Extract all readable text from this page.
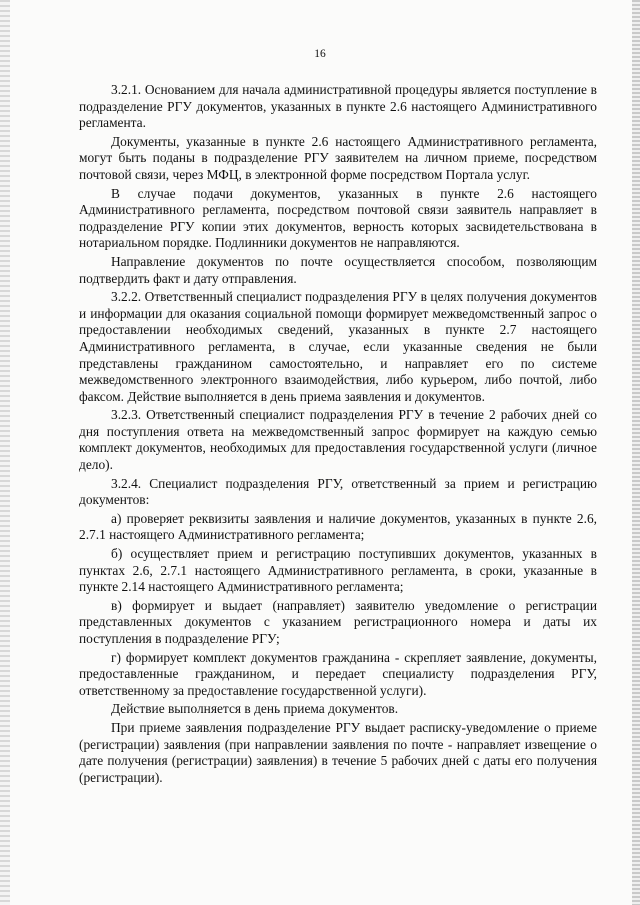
16

3.2.1. Основанием для начала административной процедуры является поступление в подразделение РГУ документов, указанных в пункте 2.6 настоящего Административного регламента.

Документы, указанные в пункте 2.6 настоящего Административного регламента, могут быть поданы в подразделение РГУ заявителем на личном приеме, посредством почтовой связи, через МФЦ, в электронной форме посредством Портала услуг.

В случае подачи документов, указанных в пункте 2.6 настоящего Административного регламента, посредством почтовой связи заявитель направляет в подразделение РГУ копии этих документов, верность которых засвидетельствована в нотариальном порядке. Подлинники документов не направляются.

Направление документов по почте осуществляется способом, позволяющим подтвердить факт и дату отправления.

3.2.2. Ответственный специалист подразделения РГУ в целях получения документов и информации для оказания социальной помощи формирует межведомственный запрос о предоставлении необходимых сведений, указанных в пункте 2.7 настоящего Административного регламента, в случае, если указанные сведения не были представлены гражданином самостоятельно, и направляет его по системе межведомственного электронного взаимодействия, либо курьером, либо почтой, либо факсом. Действие выполняется в день приема заявления и документов.

3.2.3. Ответственный специалист подразделения РГУ в течение 2 рабочих дней со дня поступления ответа на межведомственный запрос формирует на каждую семью комплект документов, необходимых для предоставления государственной услуги (личное дело).

3.2.4. Специалист подразделения РГУ, ответственный за прием и регистрацию документов:

а) проверяет реквизиты заявления и наличие документов, указанных в пункте 2.6, 2.7.1 настоящего Административного регламента;

б) осуществляет прием и регистрацию поступивших документов, указанных в пунктах 2.6, 2.7.1 настоящего Административного регламента, в сроки, указанные в пункте 2.14 настоящего Административного регламента;

в) формирует и выдает (направляет) заявителю уведомление о регистрации представленных документов с указанием регистрационного номера и даты их поступления в подразделение РГУ;

г) формирует комплект документов гражданина - скрепляет заявление, документы, предоставленные гражданином, и передает специалисту подразделения РГУ, ответственному за предоставление государственной услуги).

Действие выполняется в день приема документов.

При приеме заявления подразделение РГУ выдает расписку-уведомление о приеме (регистрации) заявления (при направлении заявления по почте - направляет извещение о дате получения (регистрации) заявления) в течение 5 рабочих дней с даты его получения (регистрации).
